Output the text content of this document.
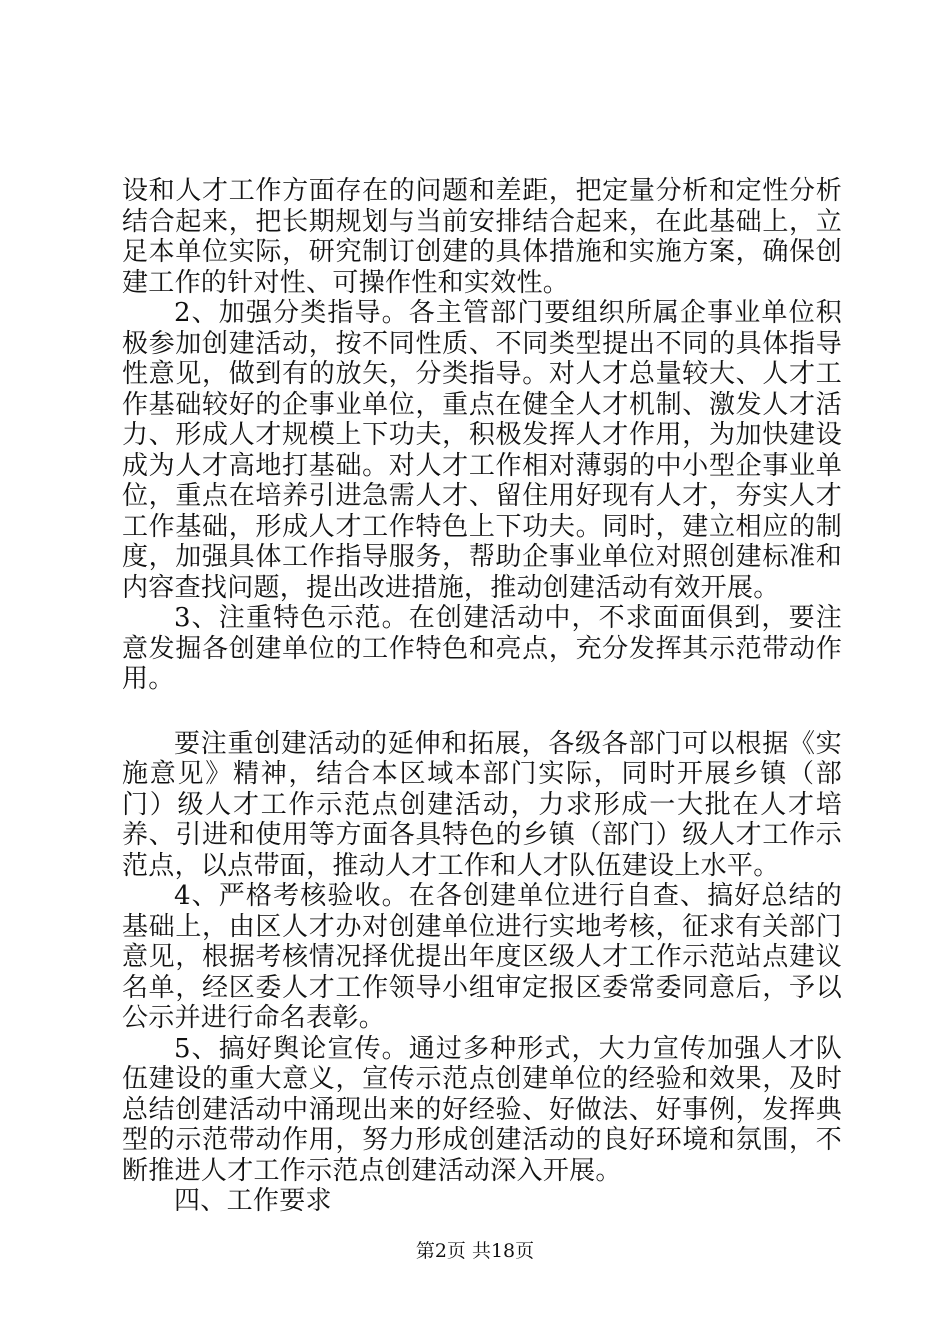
设和人才工作方面存在的问题和差距，把定量分析和定性分析结合起来，把长期规划与当前安排结合起来，在此基础上，立足本单位实际，研究制订创建的具体措施和实施方案，确保创建工作的针对性、可操作性和实效性。

2、加强分类指导。各主管部门要组织所属企事业单位积极参加创建活动，按不同性质、不同类型提出不同的具体指导性意见，做到有的放矢，分类指导。对人才总量较大、人才工作基础较好的企事业单位，重点在健全人才机制、激发人才活力、形成人才规模上下功夫，积极发挥人才作用，为加快建设成为人才高地打基础。对人才工作相对薄弱的中小型企事业单位，重点在培养引进急需人才、留住用好现有人才，夯实人才工作基础，形成人才工作特色上下功夫。同时，建立相应的制度，加强具体工作指导服务，帮助企事业单位对照创建标准和内容查找问题，提出改进措施，推动创建活动有效开展。

3、注重特色示范。在创建活动中，不求面面俱到，要注意发掘各创建单位的工作特色和亮点，充分发挥其示范带动作用。

要注重创建活动的延伸和拓展，各级各部门可以根据《实施意见》精神，结合本区域本部门实际，同时开展乡镇（部门）级人才工作示范点创建活动，力求形成一大批在人才培养、引进和使用等方面各具特色的乡镇（部门）级人才工作示范点，以点带面，推动人才工作和人才队伍建设上水平。

4、严格考核验收。在各创建单位进行自查、搞好总结的基础上，由区人才办对创建单位进行实地考核，征求有关部门意见，根据考核情况择优提出年度区级人才工作示范站点建议名单，经区委人才工作领导小组审定报区委常委同意后，予以公示并进行命名表彰。

5、搞好舆论宣传。通过多种形式，大力宣传加强人才队伍建设的重大意义，宣传示范点创建单位的经验和效果，及时总结创建活动中涌现出来的好经验、好做法、好事例，发挥典型的示范带动作用，努力形成创建活动的良好环境和氛围，不断推进人才工作示范点创建活动深入开展。

四、工作要求

第2页 共18页
